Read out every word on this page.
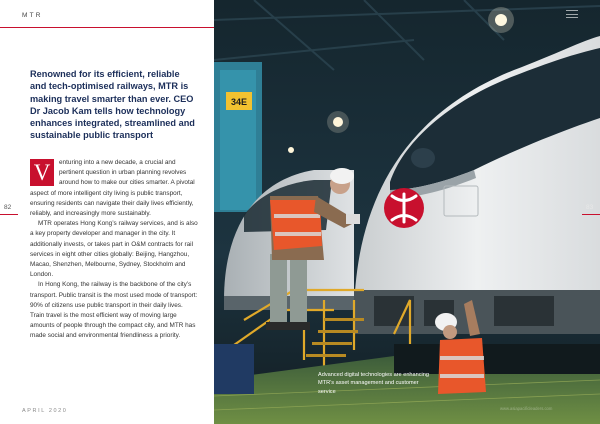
MTR
82
Renowned for its efficient, reliable and tech-optimised railways, MTR is making travel smarter than ever. CEO Dr Jacob Kam tells how technology enhances integrated, streamlined and sustainable public transport
V	enturing into a new decade, a crucial and pertinent question in urban planning revolves around how to make our cities smarter. A pivotal aspect of more intelligent city living is public transport, ensuring residents can navigate their daily lives efficiently, reliably, and increasingly more sustainably.

MTR operates Hong Kong’s railway services, and is also a key property developer and manager in the city. It additionally invests, or takes part in O&M contracts for rail services in eight other cities globally: Beijing, Hangzhou, Macao, Shenzhen, Melbourne, Sydney, Stockholm and London.

In Hong Kong, the railway is the backbone of the city’s transport. Public transit is the most used mode of transport: 90% of citizens use public transport in their daily lives. Train travel is the most efficient way of moving large amounts of people through the compact city, and MTR has made social and environmental friendliness a priority.

APRIL 2020
34E
Advanced digital technologies are enhancing MTR’s asset management and customer service
www.asiapacificleaders.com
83
